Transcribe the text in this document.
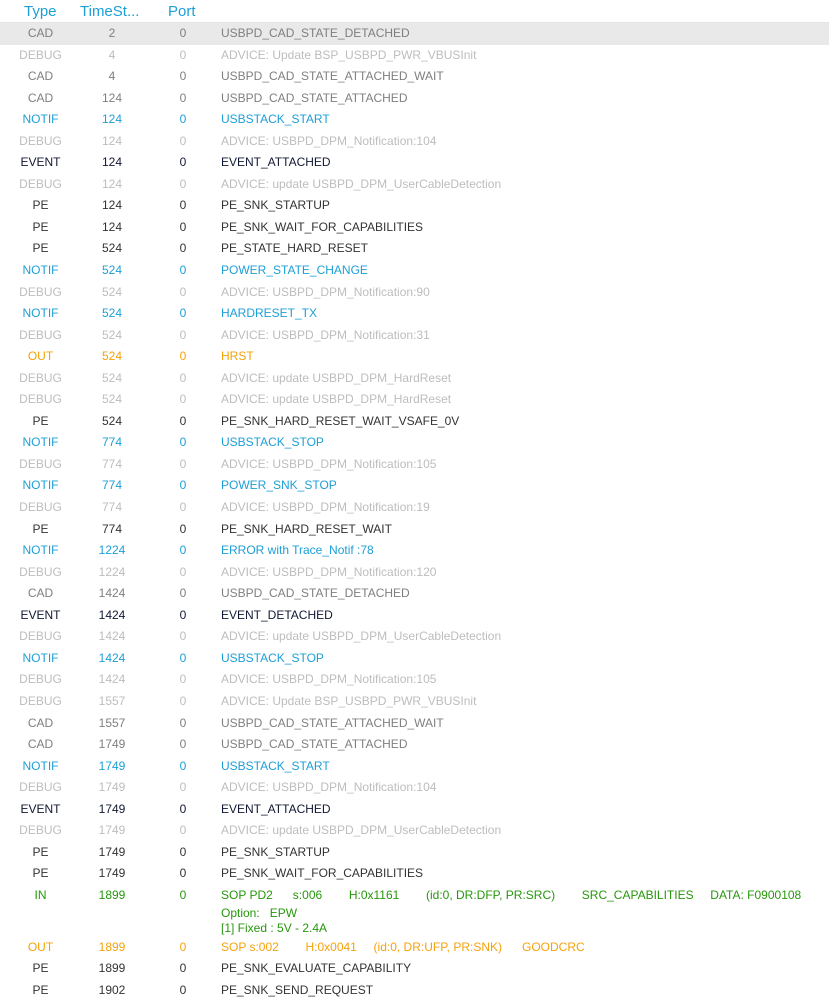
Type TimeSt... Port
CAD	2	0	USBPD_CAD_STATE_DETACHED
DEBUG	4	0	ADVICE: Update BSP_USBPD_PWR_VBUSInit
CAD	4	0	USBPD_CAD_STATE_ATTACHED_WAIT
CAD	124	0	USBPD_CAD_STATE_ATTACHED
NOTIF	124	0	USBSTACK_START
DEBUG	124	0	ADVICE: USBPD_DPM_Notification:104
EVENT	124	0	EVENT_ATTACHED
DEBUG	124	0	ADVICE: update USBPD_DPM_UserCableDetection
PE	124	0	PE_SNK_STARTUP
PE	124	0	PE_SNK_WAIT_FOR_CAPABILITIES
PE	524	0	PE_STATE_HARD_RESET
NOTIF	524	0	POWER_STATE_CHANGE
DEBUG	524	0	ADVICE: USBPD_DPM_Notification:90
NOTIF	524	0	HARDRESET_TX
DEBUG	524	0	ADVICE: USBPD_DPM_Notification:31
OUT	524	0	HRST
DEBUG	524	0	ADVICE: update USBPD_DPM_HardReset
DEBUG	524	0	ADVICE: update USBPD_DPM_HardReset
PE	524	0	PE_SNK_HARD_RESET_WAIT_VSAFE_0V
NOTIF	774	0	USBSTACK_STOP
DEBUG	774	0	ADVICE: USBPD_DPM_Notification:105
NOTIF	774	0	POWER_SNK_STOP
DEBUG	774	0	ADVICE: USBPD_DPM_Notification:19
PE	774	0	PE_SNK_HARD_RESET_WAIT
NOTIF	1224	0	ERROR with Trace_Notif :78
DEBUG	1224	0	ADVICE: USBPD_DPM_Notification:120
CAD	1424	0	USBPD_CAD_STATE_DETACHED
EVENT	1424	0	EVENT_DETACHED
DEBUG	1424	0	ADVICE: update USBPD_DPM_UserCableDetection
NOTIF	1424	0	USBSTACK_STOP
DEBUG	1424	0	ADVICE: USBPD_DPM_Notification:105
DEBUG	1557	0	ADVICE: Update BSP_USBPD_PWR_VBUSInit
CAD	1557	0	USBPD_CAD_STATE_ATTACHED_WAIT
CAD	1749	0	USBPD_CAD_STATE_ATTACHED
NOTIF	1749	0	USBSTACK_START
DEBUG	1749	0	ADVICE: USBPD_DPM_Notification:104
EVENT	1749	0	EVENT_ATTACHED
DEBUG	1749	0	ADVICE: update USBPD_DPM_UserCableDetection
PE	1749	0	PE_SNK_STARTUP
PE	1749	0	PE_SNK_WAIT_FOR_CAPABILITIES
IN	1899	0	SOP PD2      s:006        H:0x1161        (id:0, DR:DFP, PR:SRC)        SRC_CAPABILITIES     DATA: F0900108
Option:   EPW
[1] Fixed : 5V - 2.4A
OUT	1899	0	SOP s:002        H:0x0041     (id:0, DR:UFP, PR:SNK)      GOODCRC
PE	1899	0	PE_SNK_EVALUATE_CAPABILITY
PE	1902	0	PE_SNK_SEND_REQUEST
